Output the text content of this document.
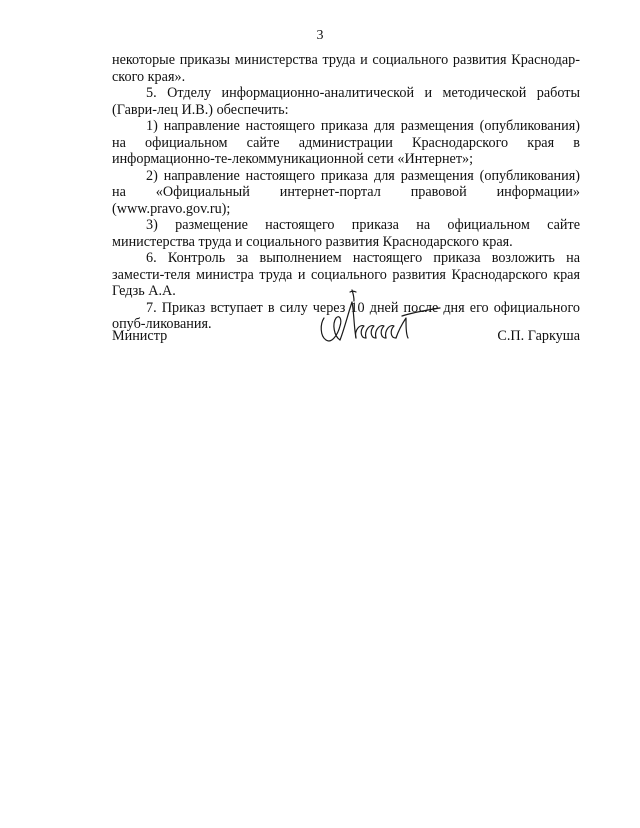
3

некоторые приказы министерства труда и социального развития Краснодар-ского края».

5. Отделу информационно-аналитической и методической работы (Гаври-лец И.В.) обеспечить:

1) направление настоящего приказа для размещения (опубликования) на официальном сайте администрации Краснодарского края в информационно-те-лекоммуникационной сети «Интернет»;

2) направление настоящего приказа для размещения (опубликования) на «Официальный интернет-портал правовой информации» (www.pravo.gov.ru);

3) размещение настоящего приказа на официальном сайте министерства труда и социального развития Краснодарского края.

6. Контроль за выполнением настоящего приказа возложить на замести-теля министра труда и социального развития Краснодарского края Гедзь А.А.

7. Приказ вступает в силу через 10 дней после дня его официального опуб-ликования.

Министр	С.П. Гаркуша
